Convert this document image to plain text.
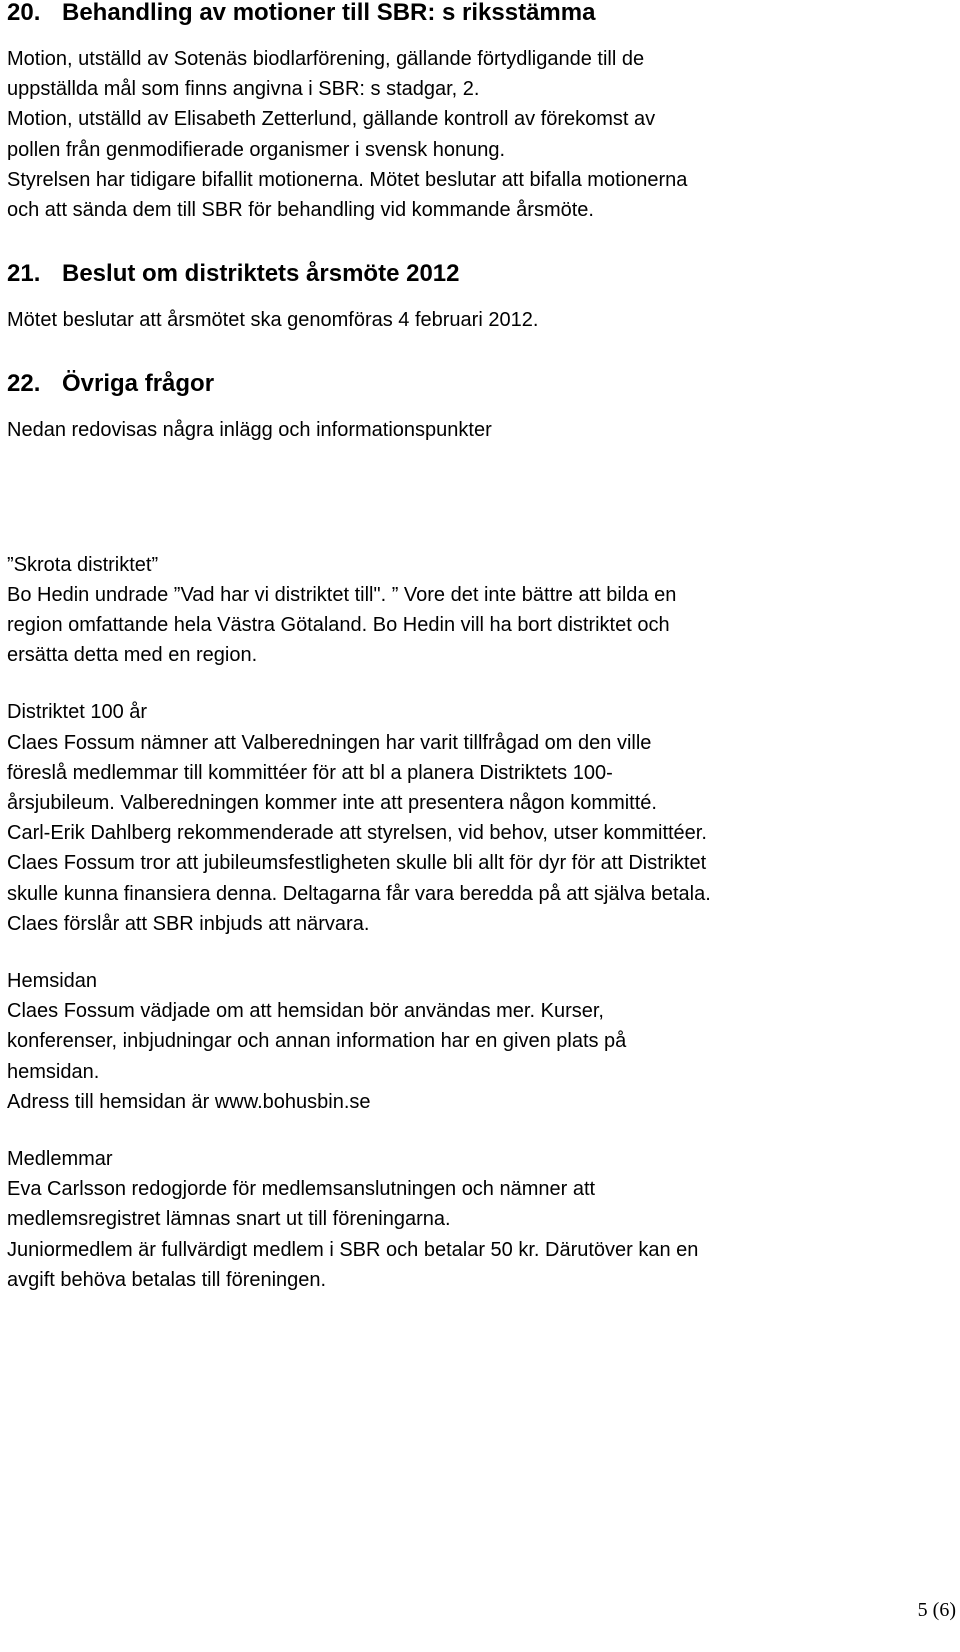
20. Behandling av motioner till SBR: s riksstämma

Motion, utställd av Sotenäs biodlarförening, gällande förtydligande till de
uppställda mål som finns angivna i SBR: s stadgar, 2.
Motion, utställd av Elisabeth Zetterlund, gällande kontroll av förekomst av
pollen från genmodifierade organismer i svensk honung.
Styrelsen har tidigare bifallit motionerna. Mötet beslutar att bifalla motionerna
och att sända dem till SBR för behandling vid kommande årsmöte.

21. Beslut om distriktets årsmöte 2012

Mötet beslutar att årsmötet ska genomföras 4 februari 2012.

22. Övriga frågor

Nedan redovisas några inlägg och informationspunkter

”Skrota distriktet”

Bo Hedin undrade ”Vad har vi distriktet till". ” Vore det inte bättre att bilda en
region omfattande hela Västra Götaland. Bo Hedin vill ha bort distriktet och
ersätta detta med en region.

Distriktet 100 år

Claes Fossum nämner att Valberedningen har varit tillfrågad om den ville
föreslå medlemmar till kommittéer för att bl a planera Distriktets 100-
årsjubileum. Valberedningen kommer inte att presentera någon kommitté.
Carl-Erik Dahlberg rekommenderade att styrelsen, vid behov, utser kommittéer.
Claes Fossum tror att jubileumsfestligheten skulle bli allt för dyr för att Distriktet
skulle kunna finansiera denna. Deltagarna får vara beredda på att själva betala.
Claes förslår att SBR inbjuds att närvara.

Hemsidan

Claes Fossum vädjade om att hemsidan bör användas mer. Kurser,
konferenser, inbjudningar och annan information har en given plats på
hemsidan.
Adress till hemsidan är www.bohusbin.se

Medlemmar

Eva Carlsson redogjorde för medlemsanslutningen och nämner att
medlemsregistret lämnas snart ut till föreningarna.
Juniormedlem är fullvärdigt medlem i SBR och betalar 50 kr. Därutöver kan en
avgift behöva betalas till föreningen.

5 (6)
